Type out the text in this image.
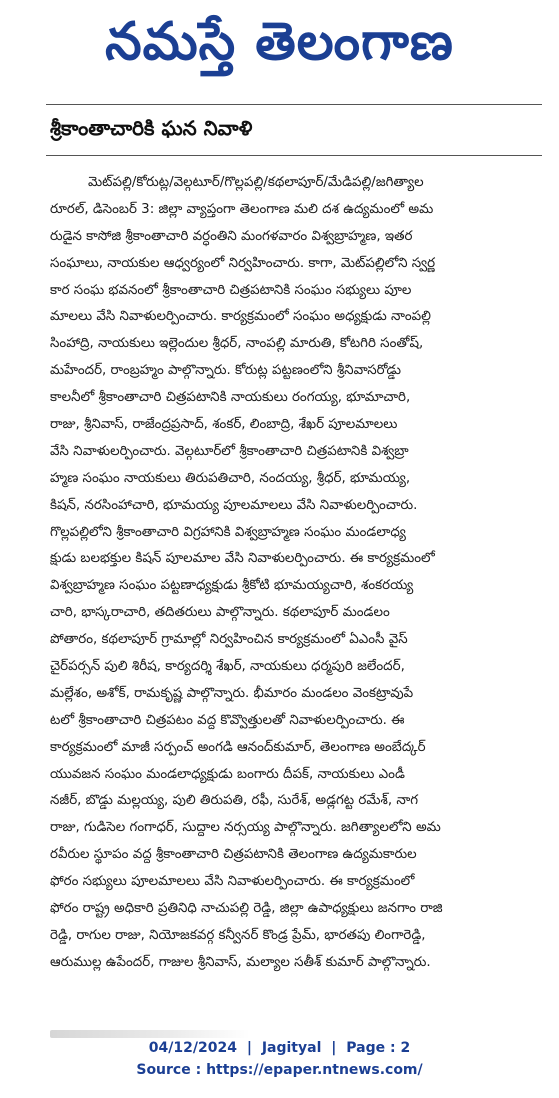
నమస్తే తెలంగాణ
శ్రీకాంతాచారికి ఘన నివాళి
మెట్‌పల్లి/కోరుట్ల/వెల్గటూర్/గొల్లపల్లి/కథలాపూర్/మేడిపల్లి/జగిత్యాల
రూరల్, డిసెంబర్ 3: జిల్లా వ్యాప్తంగా తెలంగాణ మలి దశ ఉద్యమంలో అమ
రుడైన కాసోజి శ్రీకాంతాచారి వర్ధంతిని మంగళవారం విశ్వబ్రాహ్మణ, ఇతర
సంఘాలు, నాయకుల ఆధ్వర్యంలో నిర్వహించారు. కాగా, మెట్‌పల్లిలోని స్వర్ణ
కార సంఘ భవనంలో శ్రీకాంతాచారి చిత్రపటానికి సంఘం సభ్యులు పూల
మాలలు వేసి నివాళులర్పించారు. కార్యక్రమంలో సంఘం అధ్యక్షుడు నాంపల్లి
సింహాద్రి, నాయకులు ఇల్లెందుల శ్రీధర్, నాంపల్లి మారుతి, కోటగిరి సంతోష్,
మహేందర్, రాంబ్రహ్మం పాల్గొన్నారు. కోరుట్ల పట్టణంలోని శ్రీనివాసరోడ్డు
కాలనీలో శ్రీకాంతాచారి చిత్రపటానికి నాయకులు రంగయ్య, భూమాచారి,
రాజు, శ్రీనివాస్, రాజేంద్రప్రసాద్, శంకర్, లింబాద్రి, శేఖర్ పూలమాలలు
వేసి నివాళులర్పించారు. వెల్గటూర్‌లో శ్రీకాంతాచారి చిత్రపటానికి విశ్వబ్రా
హ్మణ సంఘం నాయకులు తిరుపతిచారి, నందయ్య, శ్రీధర్, భూమయ్య,
కిషన్, నరసింహాచారి, భూమయ్య పూలమాలలు వేసి నివాళులర్పించారు.
గొల్లపల్లిలోని శ్రీకాంతాచారి విగ్రహానికి విశ్వబ్రాహ్మణ సంఘం మండలాధ్య
క్షుడు బలభక్తుల కిషన్ పూలమాల వేసి నివాళులర్పించారు. ఈ కార్యక్రమంలో
విశ్వబ్రాహ్మణ సంఘం పట్టణాధ్యక్షుడు శ్రీకోటి భూమయ్యచారి, శంకరయ్య
చారి, భాస్కరాచారి, తదితరులు పాల్గొన్నారు. కథలాపూర్ మండలం
పోతారం, కథలాపూర్ గ్రామాల్లో నిర్వహించిన కార్యక్రమంలో ఏఎంసీ వైస్
చైర్‌పర్సన్ పులి శిరీష, కార్యదర్శి శేఖర్, నాయకులు ధర్మపురి జలేందర్,
మల్లేశం, అశోక్, రామకృష్ణ పాల్గొన్నారు. భీమారం మండలం వెంకట్రావుపే
టలో శ్రీకాంతాచారి చిత్రపటం వద్ద కొవ్వొత్తులతో నివాళులర్పించారు. ఈ
కార్యక్రమంలో మాజీ సర్పంచ్ అంగడి ఆనంద్‌కుమార్, తెలంగాణ అంబేద్కర్
యువజన సంఘం మండలాధ్యక్షుడు బంగారు దీపక్, నాయకులు ఎండీ
నజీర్, బొడ్డు మల్లయ్య, పులి తిరుపతి, రఫీ, సురేశ్, అడ్లగట్ట రమేశ్, నాగ
రాజు, గుడిసెల గంగాధర్, సుద్దాల నర్సయ్య పాల్గొన్నారు. జగిత్యాలలోని అమ
రవీరుల స్థూపం వద్ద శ్రీకాంతాచారి చిత్రపటానికి తెలంగాణ ఉద్యమకారుల
ఫోరం సభ్యులు పూలమాలలు వేసి నివాళులర్పించారు. ఈ కార్యక్రమంలో
ఫోరం రాష్ట్ర అధికారి ప్రతినిధి నాచుపల్లి రెడ్డి, జిల్లా ఉపాధ్యక్షులు జనగాం రాజి
రెడ్డి, రాగుల రాజు, నియోజకవర్గ కన్వీనర్ కొండ్ర ప్రేమ్, భారతపు లింగారెడ్డి,
ఆరుముల్ల ఉపేందర్, గాజుల శ్రీనివాస్, మల్యాల సతీశ్ కుమార్ పాల్గొన్నారు.
04/12/2024 | Jagityal | Page : 2
Source : https://epaper.ntnews.com/
